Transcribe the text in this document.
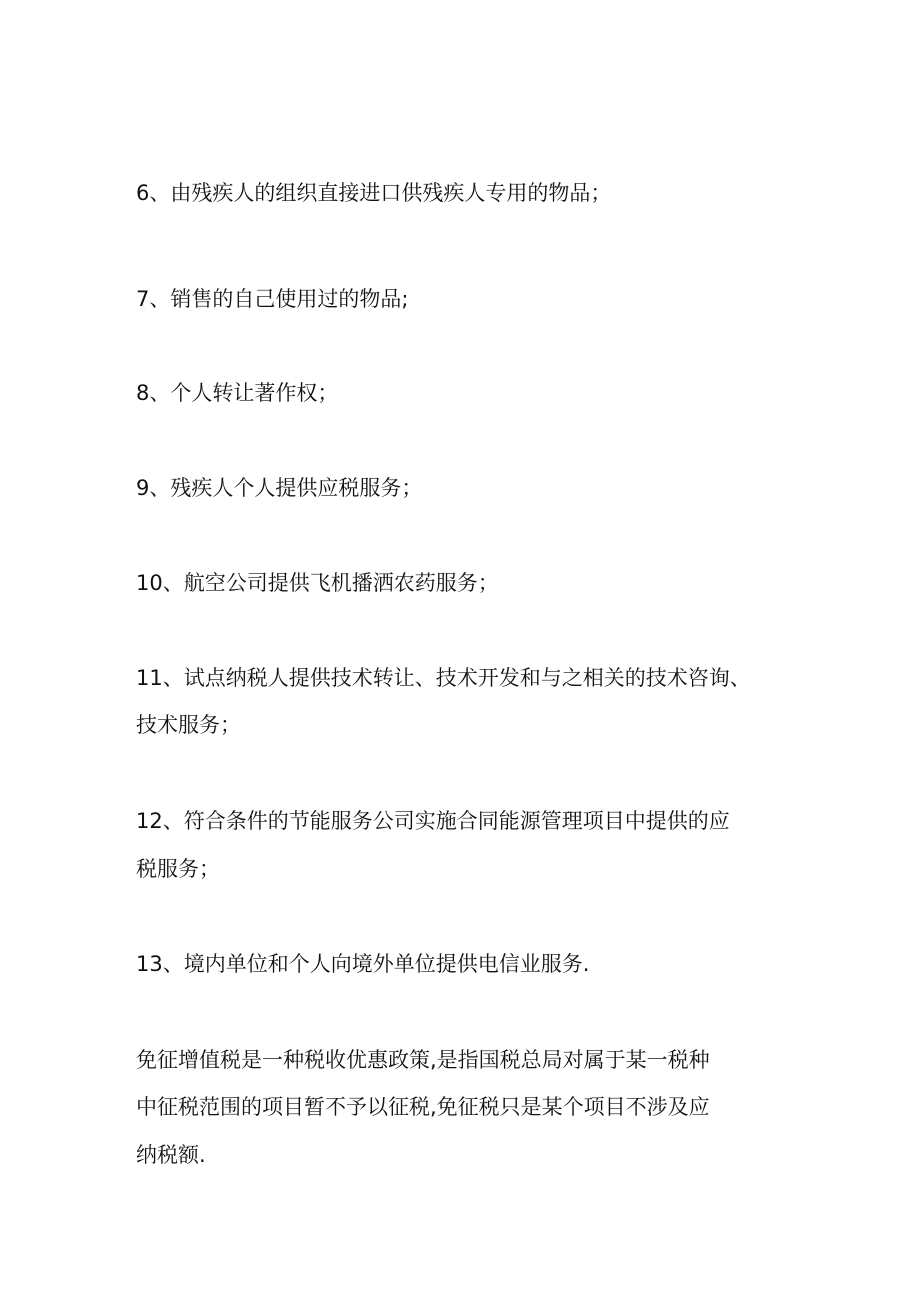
6、由残疾人的组织直接进口供残疾人专用的物品；
7、销售的自己使用过的物品;
8、个人转让著作权；
9、残疾人个人提供应税服务；
10、航空公司提供飞机播洒农药服务；
11、试点纳税人提供技术转让、技术开发和与之相关的技术咨询、
技术服务；
12、符合条件的节能服务公司实施合同能源管理项目中提供的应
税服务；
13、境内单位和个人向境外单位提供电信业服务.
免征增值税是一种税收优惠政策,是指国税总局对属于某一税种
中征税范围的项目暂不予以征税,免征税只是某个项目不涉及应
纳税额.
